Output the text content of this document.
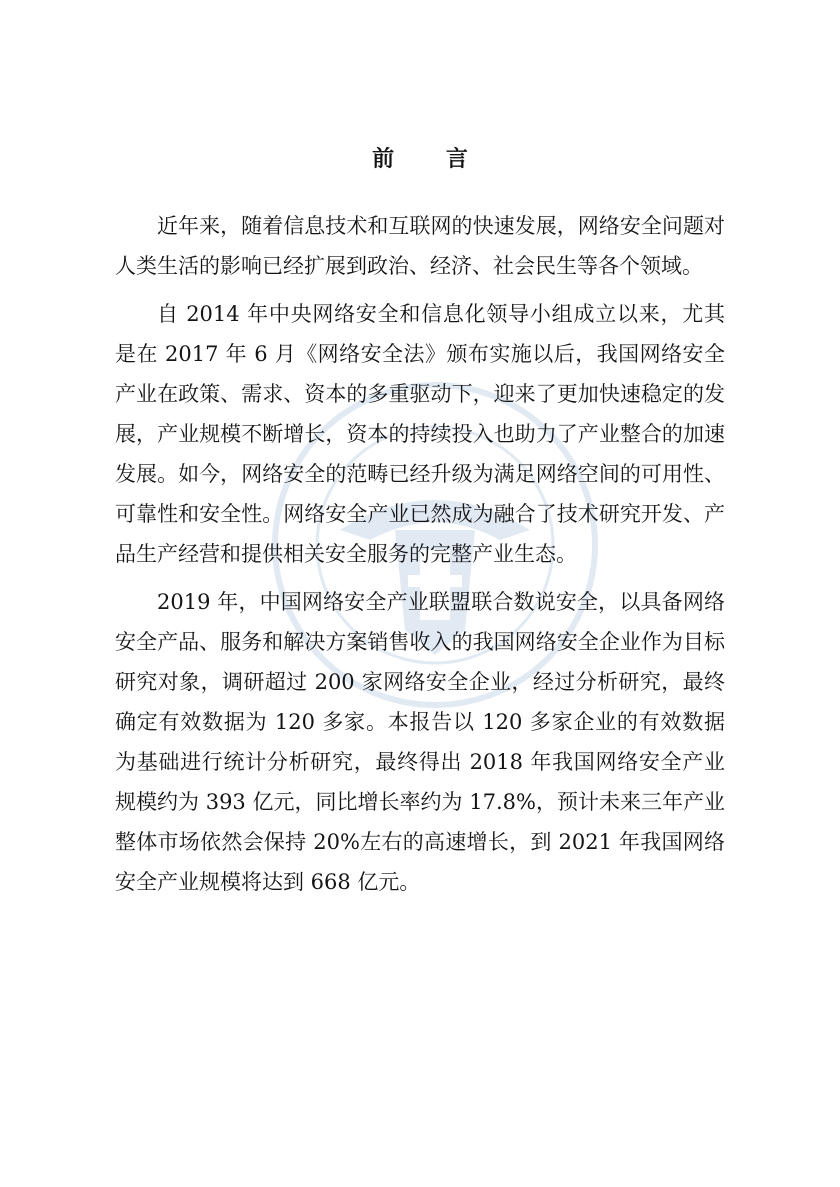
前 言

近年来，随着信息技术和互联网的快速发展，网络安全问题对人类生活的影响已经扩展到政治、经济、社会民生等各个领域。

自 2014 年中央网络安全和信息化领导小组成立以来，尤其是在 2017 年 6 月《网络安全法》颁布实施以后，我国网络安全产业在政策、需求、资本的多重驱动下，迎来了更加快速稳定的发展，产业规模不断增长，资本的持续投入也助力了产业整合的加速发展。如今，网络安全的范畴已经升级为满足网络空间的可用性、可靠性和安全性。网络安全产业已然成为融合了技术研究开发、产品生产经营和提供相关安全服务的完整产业生态。

2019 年，中国网络安全产业联盟联合数说安全，以具备网络安全产品、服务和解决方案销售收入的我国网络安全企业作为目标研究对象，调研超过 200 家网络安全企业，经过分析研究，最终确定有效数据为 120 多家。本报告以 120 多家企业的有效数据为基础进行统计分析研究，最终得出 2018 年我国网络安全产业规模约为 393 亿元，同比增长率约为 17.8%，预计未来三年产业整体市场依然会保持 20%左右的高速增长，到 2021 年我国网络安全产业规模将达到 668 亿元。
